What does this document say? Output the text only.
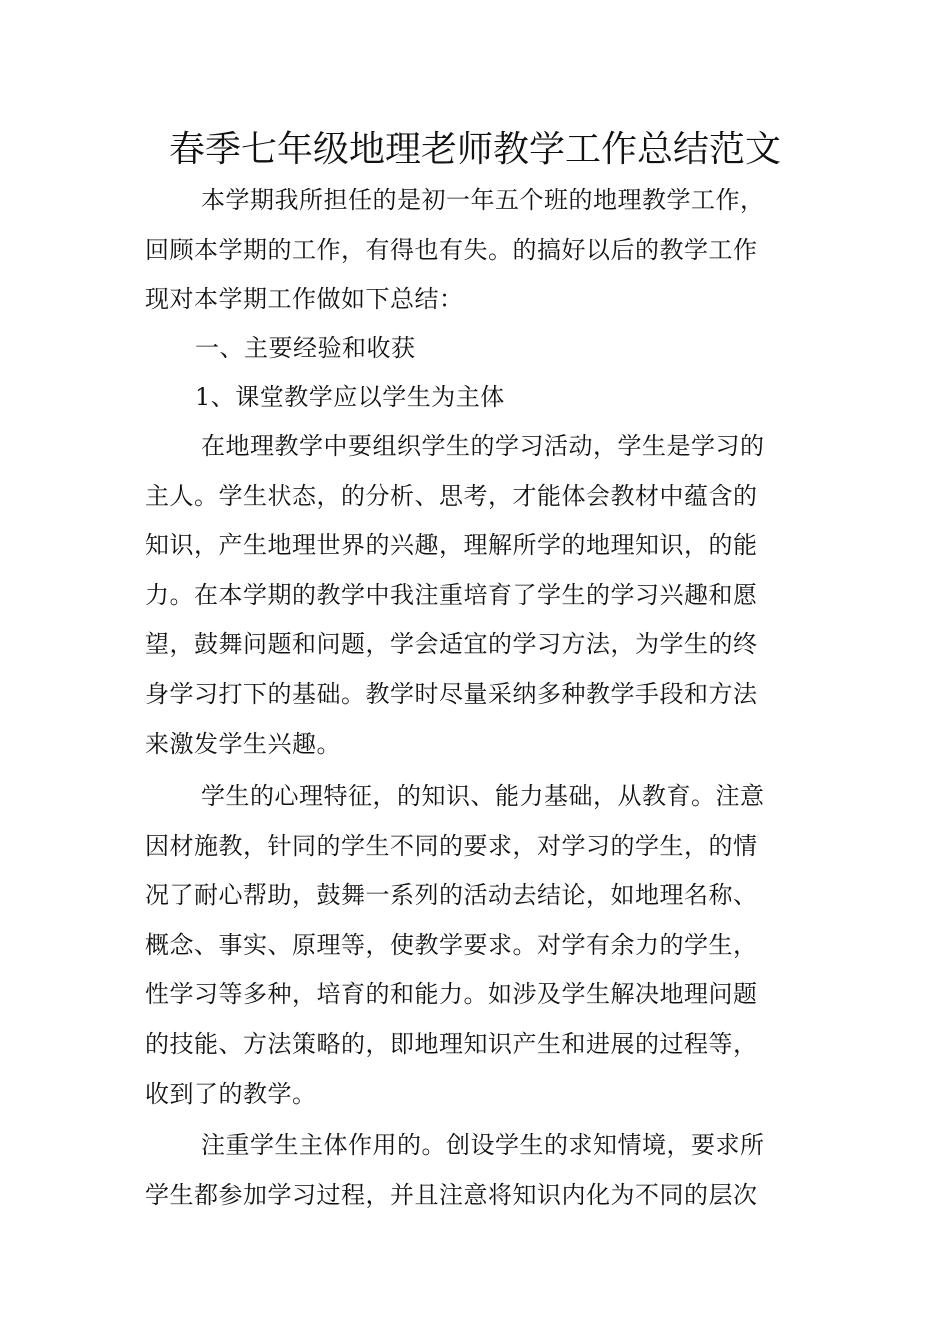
春季七年级地理老师教学工作总结范文
本学期我所担任的是初一年五个班的地理教学工作，
回顾本学期的工作，有得也有失。的搞好以后的教学工作
现对本学期工作做如下总结：
一、主要经验和收获
1、课堂教学应以学生为主体
在地理教学中要组织学生的学习活动，学生是学习的
主人。学生状态，的分析、思考，才能体会教材中蕴含的
知识，产生地理世界的兴趣，理解所学的地理知识，的能
力。在本学期的教学中我注重培育了学生的学习兴趣和愿
望，鼓舞问题和问题，学会适宜的学习方法，为学生的终
身学习打下的基础。教学时尽量采纳多种教学手段和方法
来激发学生兴趣。
学生的心理特征，的知识、能力基础，从教育。注意
因材施教，针同的学生不同的要求，对学习的学生，的情
况了耐心帮助，鼓舞一系列的活动去结论，如地理名称、
概念、事实、原理等，使教学要求。对学有余力的学生，
性学习等多种，培育的和能力。如涉及学生解决地理问题
的技能、方法策略的，即地理知识产生和进展的过程等，
收到了的教学。
注重学生主体作用的。创设学生的求知情境，要求所
学生都参加学习过程，并且注意将知识内化为不同的层次
